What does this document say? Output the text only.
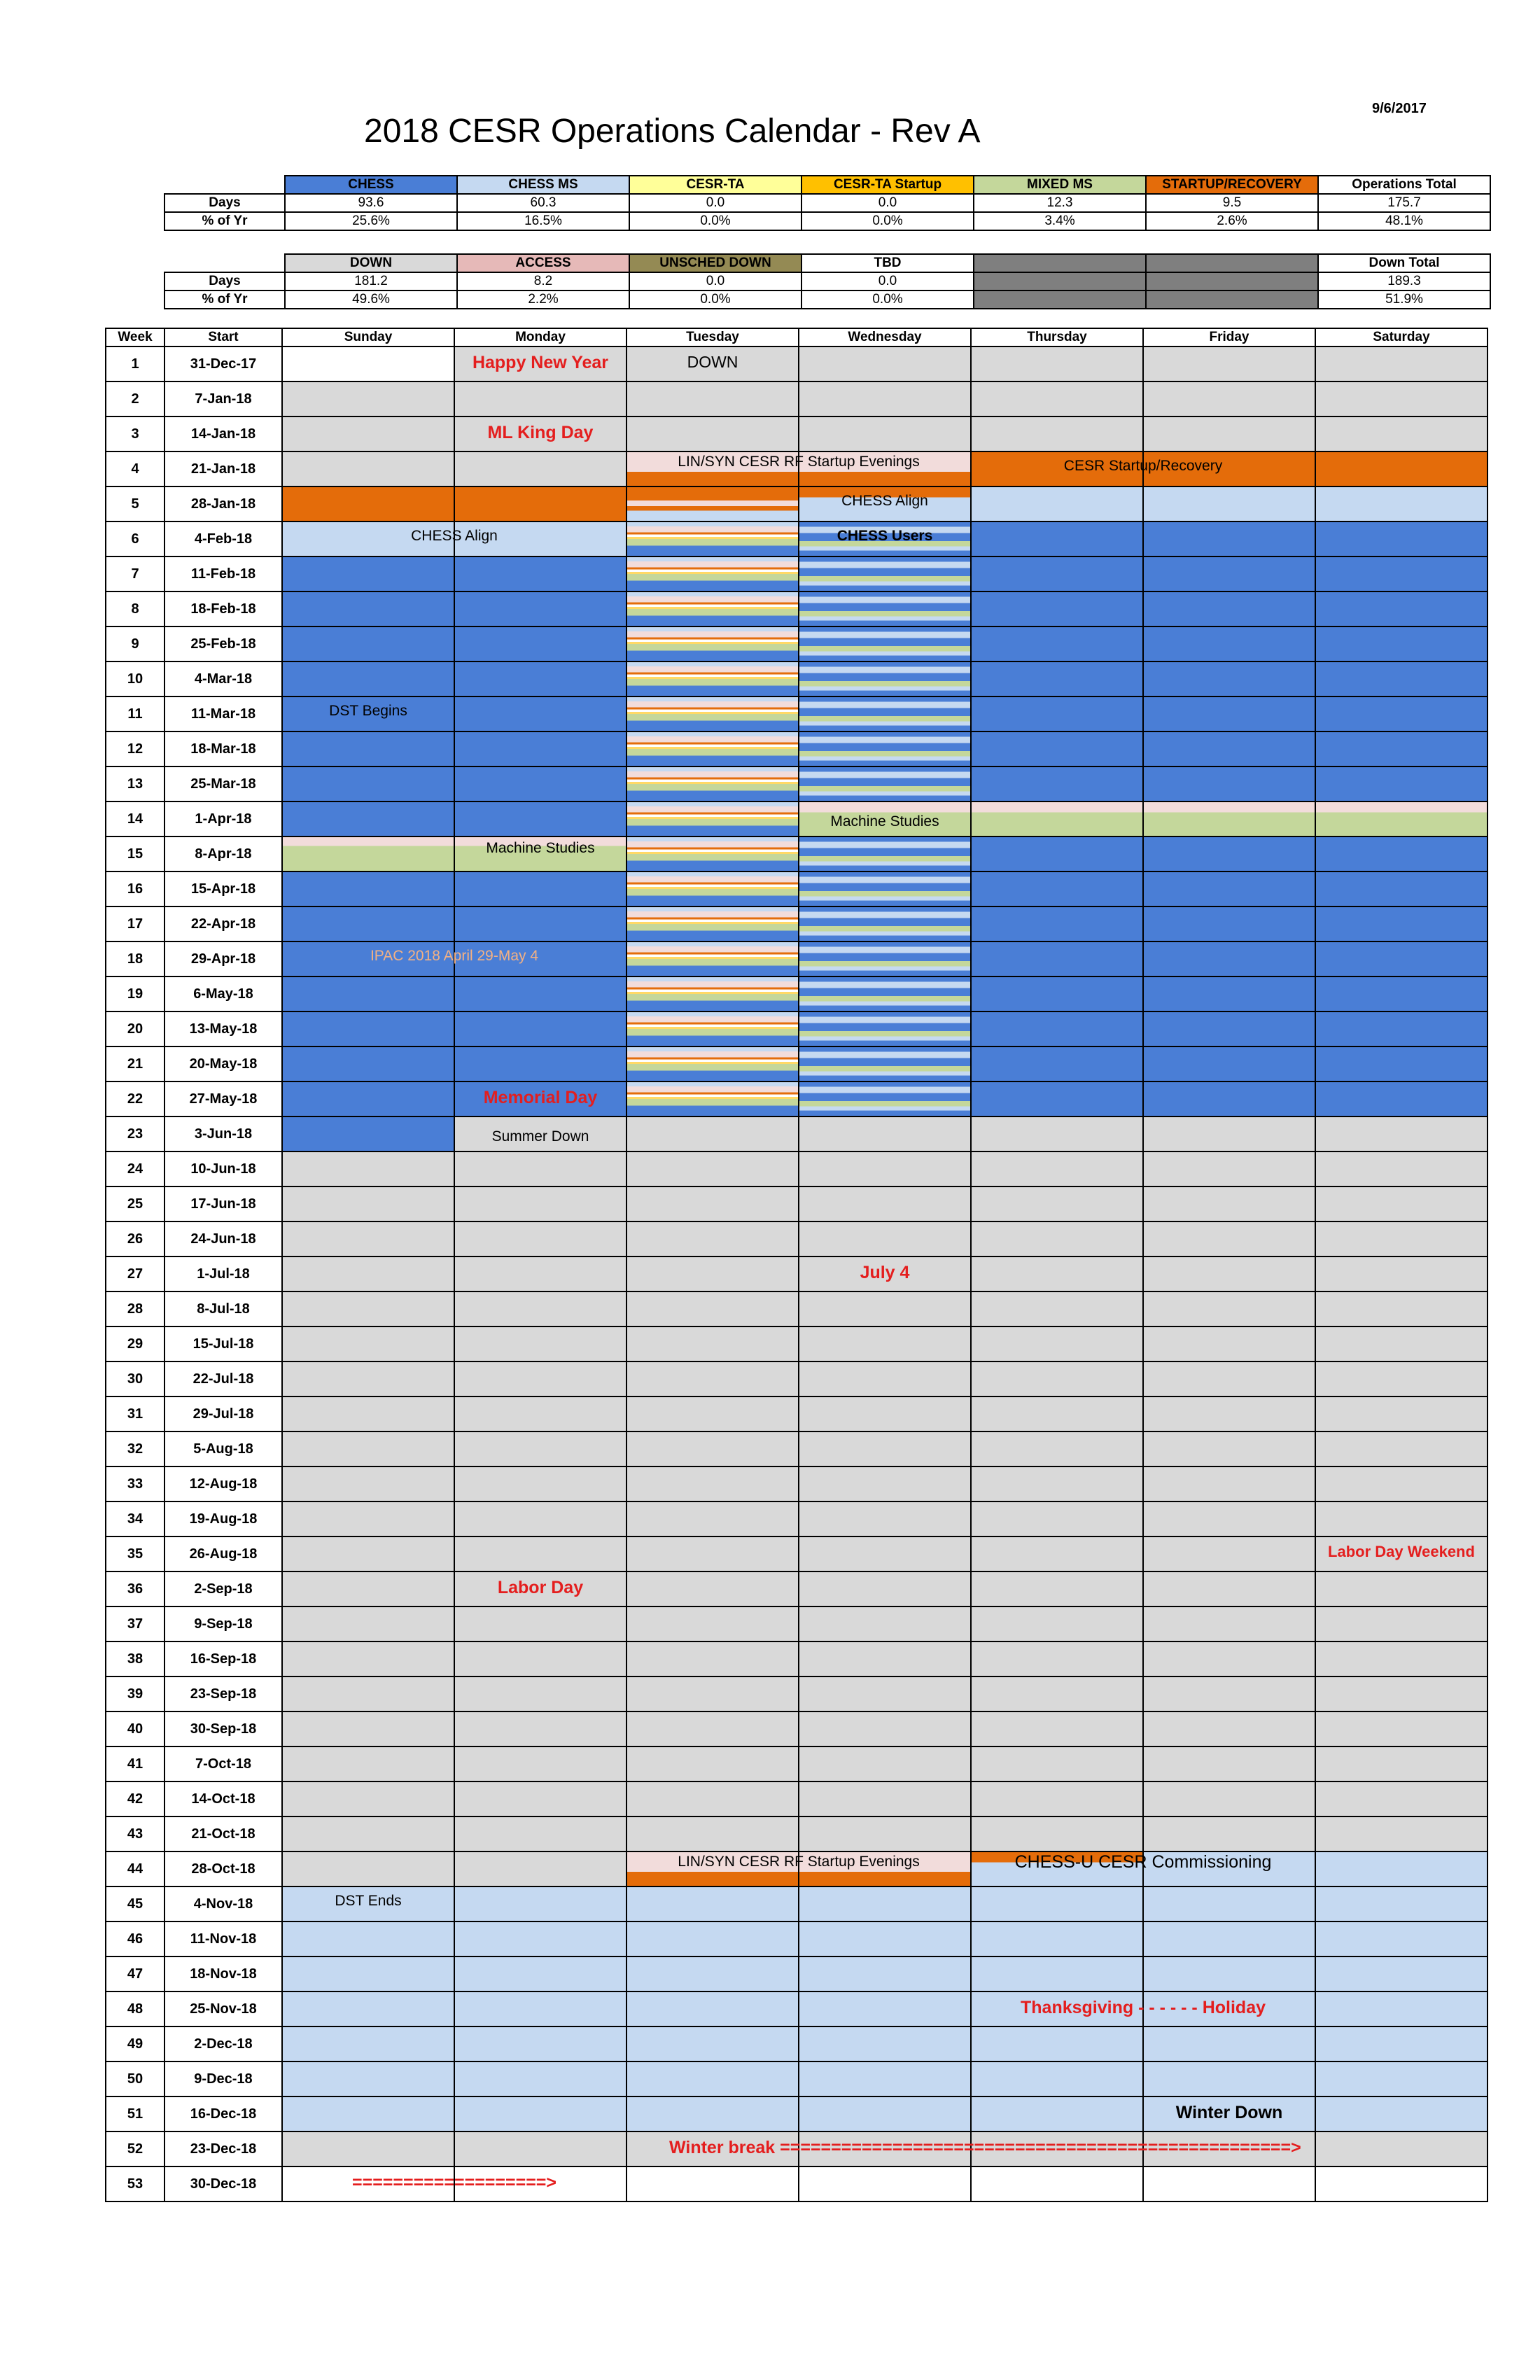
9/6/2017
2018 CESR Operations Calendar - Rev A
	CHESS	CHESS MS	CESR-TA	CESR-TA Startup	MIXED MS	STARTUP/RECOVERY	Operations Total
Days	93.6	60.3	0.0	0.0	12.3	9.5	175.7
% of Yr	25.6%	16.5%	0.0%	0.0%	3.4%	2.6%	48.1%
	DOWN	ACCESS	UNSCHED DOWN	TBD			Down Total
Days	181.2	8.2	0.0	0.0			189.3
% of Yr	49.6%	2.2%	0.0%	0.0%			51.9%
Week	Start	Sunday	Monday	Tuesday	Wednesday	Thursday	Friday	Saturday
1	31-Dec-17		Happy New Year	DOWN				

2	7-Jan-18							
3	14-Jan-18		ML King Day					

4	21-Jan-18			LIN/SYN CESR RF Startup Evenings		CESR Startup/Recovery		

5	28-Jan-18				CHESS Align			

6	4-Feb-18	CHESS Align			CHESS Users			

7	11-Feb-18							
8	18-Feb-18							
9	25-Feb-18							
10	4-Mar-18							
11	11-Mar-18	DST Begins						

12	18-Mar-18							
13	25-Mar-18							
14	1-Apr-18				Machine Studies			

15	8-Apr-18		Machine Studies					

16	15-Apr-18							
17	22-Apr-18							
18	29-Apr-18	IPAC 2018 April 29-May 4						

19	6-May-18							
20	13-May-18							
21	20-May-18							
22	27-May-18		Memorial Day					

23	3-Jun-18		Summer Down					

24	10-Jun-18							
25	17-Jun-18							
26	24-Jun-18							
27	1-Jul-18				July 4			

28	8-Jul-18							
29	15-Jul-18							
30	22-Jul-18							
31	29-Jul-18							
32	5-Aug-18							
33	12-Aug-18							
34	19-Aug-18							
35	26-Aug-18							Labor Day Weekend

36	2-Sep-18		Labor Day					

37	9-Sep-18							
38	16-Sep-18							
39	23-Sep-18							
40	30-Sep-18							
41	7-Oct-18							
42	14-Oct-18							
43	21-Oct-18							
44	28-Oct-18			LIN/SYN CESR RF Startup Evenings		CHESS-U CESR Commissioning		

45	4-Nov-18	DST Ends						

46	11-Nov-18							
47	18-Nov-18							
48	25-Nov-18					Thanksgiving - - - - - - Holiday		

49	2-Dec-18							
50	9-Dec-18							
51	16-Dec-18						Winter Down	

52	23-Dec-18			Winter break ==================================================>				

53	30-Dec-18	===================>						
